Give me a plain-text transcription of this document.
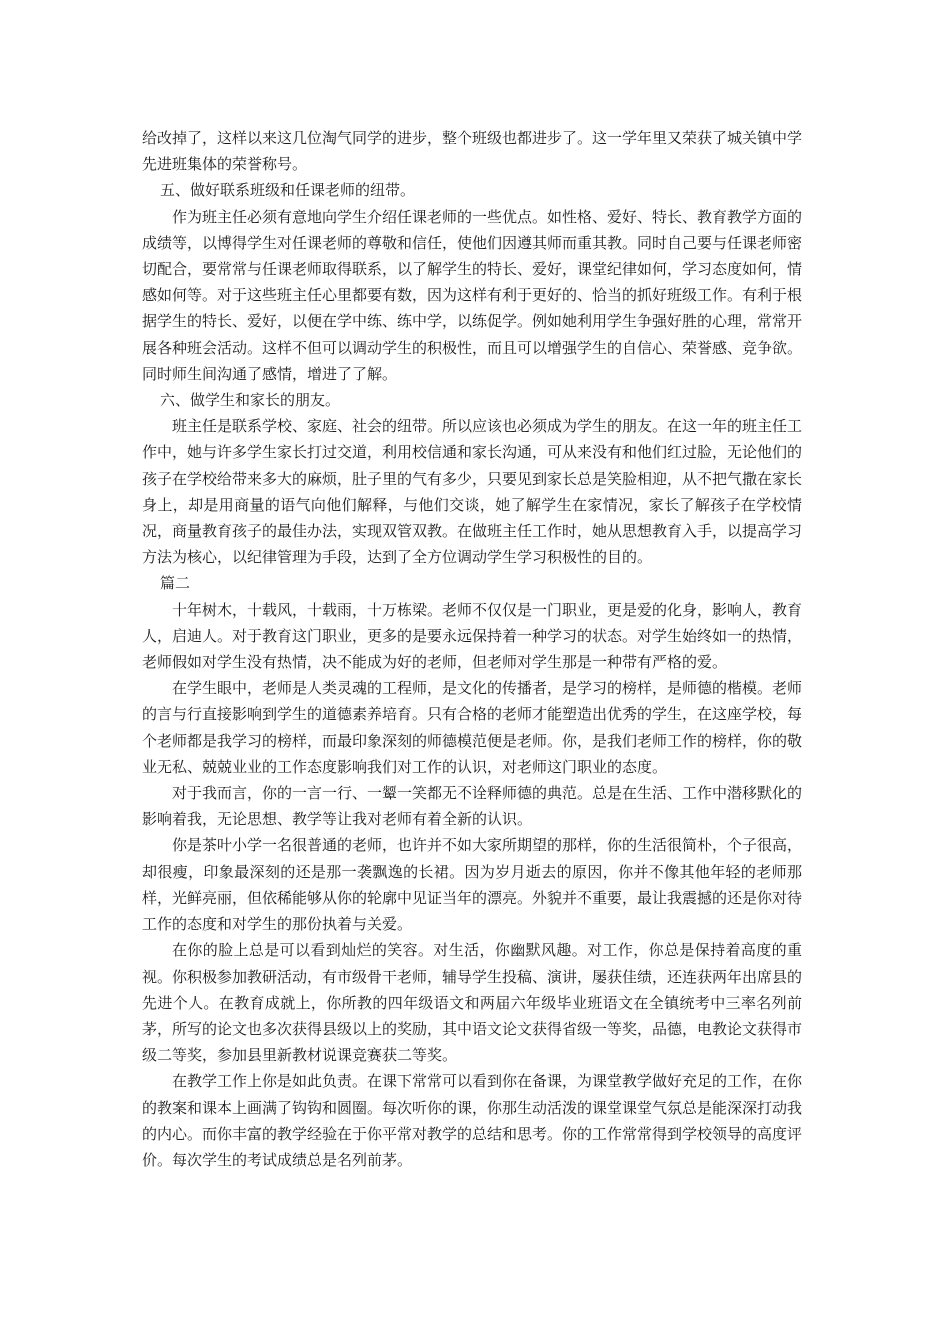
给改掉了，这样以来这几位淘气同学的进步，整个班级也都进步了。这一学年里又荣获了城关镇中学先进班集体的荣誉称号。

五、做好联系班级和任课老师的纽带。

作为班主任必须有意地向学生介绍任课老师的一些优点。如性格、爱好、特长、教育教学方面的成绩等，以博得学生对任课老师的尊敬和信任，使他们因遵其师而重其教。同时自己要与任课老师密切配合，要常常与任课老师取得联系，以了解学生的特长、爱好，课堂纪律如何，学习态度如何，情感如何等。对于这些班主任心里都要有数，因为这样有利于更好的、恰当的抓好班级工作。有利于根据学生的特长、爱好，以便在学中练、练中学，以练促学。例如她利用学生争强好胜的心理，常常开展各种班会活动。这样不但可以调动学生的积极性，而且可以增强学生的自信心、荣誉感、竞争欲。同时师生间沟通了感情，增进了了解。

六、做学生和家长的朋友。

班主任是联系学校、家庭、社会的纽带。所以应该也必须成为学生的朋友。在这一年的班主任工作中，她与许多学生家长打过交道，利用校信通和家长沟通，可从来没有和他们红过脸，无论他们的孩子在学校给带来多大的麻烦，肚子里的气有多少，只要见到家长总是笑脸相迎，从不把气撒在家长身上，却是用商量的语气向他们解释，与他们交谈，她了解学生在家情况，家长了解孩子在学校情况，商量教育孩子的最佳办法，实现双管双教。在做班主任工作时，她从思想教育入手，以提高学习方法为核心，以纪律管理为手段，达到了全方位调动学生学习积极性的目的。

篇二

十年树木，十载风，十载雨，十万栋梁。老师不仅仅是一门职业，更是爱的化身，影响人，教育人，启迪人。对于教育这门职业，更多的是要永远保持着一种学习的状态。对学生始终如一的热情，老师假如对学生没有热情，决不能成为好的老师，但老师对学生那是一种带有严格的爱。

在学生眼中，老师是人类灵魂的工程师，是文化的传播者，是学习的榜样，是师德的楷模。老师的言与行直接影响到学生的道德素养培育。只有合格的老师才能塑造出优秀的学生，在这座学校，每个老师都是我学习的榜样，而最印象深刻的师德模范便是老师。你，是我们老师工作的榜样，你的敬业无私、兢兢业业的工作态度影响我们对工作的认识，对老师这门职业的态度。

对于我而言，你的一言一行、一颦一笑都无不诠释师德的典范。总是在生活、工作中潜移默化的影响着我，无论思想、教学等让我对老师有着全新的认识。

你是茶叶小学一名很普通的老师，也许并不如大家所期望的那样，你的生活很简朴，个子很高，却很瘦，印象最深刻的还是那一袭飘逸的长裙。因为岁月逝去的原因，你并不像其他年轻的老师那样，光鲜亮丽，但依稀能够从你的轮廓中见证当年的漂亮。外貌并不重要，最让我震撼的还是你对待工作的态度和对学生的那份执着与关爱。

在你的脸上总是可以看到灿烂的笑容。对生活，你幽默风趣。对工作，你总是保持着高度的重视。你积极参加教研活动，有市级骨干老师，辅导学生投稿、演讲，屡获佳绩，还连获两年出席县的先进个人。在教育成就上，你所教的四年级语文和两届六年级毕业班语文在全镇统考中三率名列前茅，所写的论文也多次获得县级以上的奖励，其中语文论文获得省级一等奖，品德，电教论文获得市级二等奖，参加县里新教材说课竞赛获二等奖。

在教学工作上你是如此负责。在课下常常可以看到你在备课，为课堂教学做好充足的工作，在你的教案和课本上画满了钩钩和圆圈。每次听你的课，你那生动活泼的课堂课堂气氛总是能深深打动我的内心。而你丰富的教学经验在于你平常对教学的总结和思考。你的工作常常得到学校领导的高度评价。每次学生的考试成绩总是名列前茅。
